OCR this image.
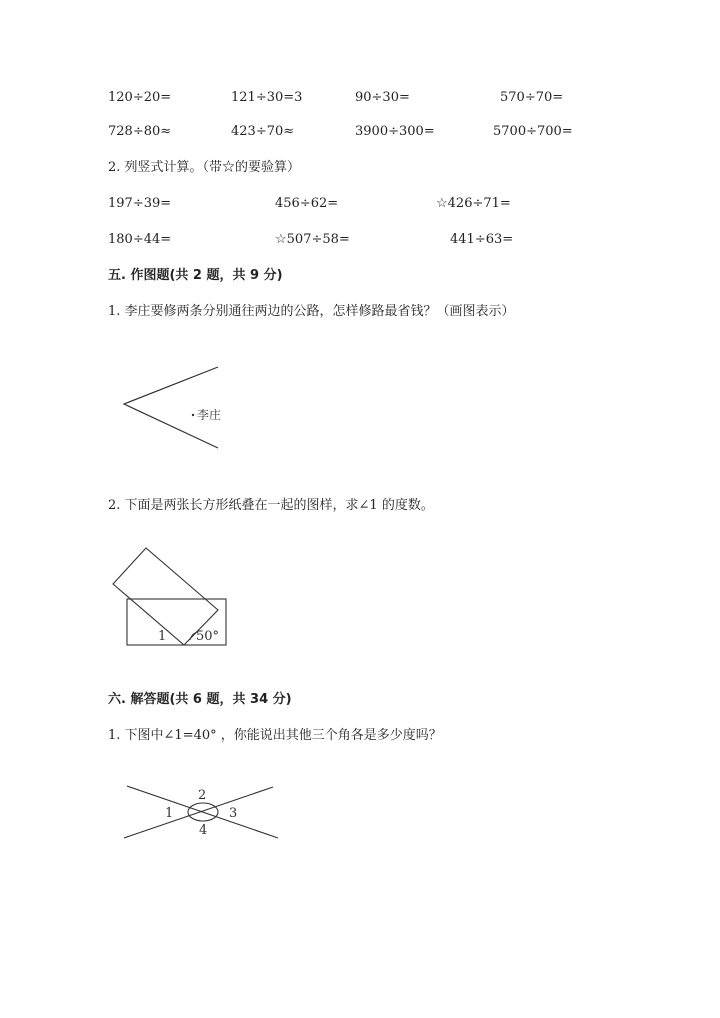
120÷20=	121÷30=3	90÷30=	570÷70=
728÷80≈	423÷70≈	3900÷300=	5700÷700=
2. 列竖式计算。（带☆的要验算）
197÷39=	456÷62=	☆426÷71=
180÷44=	☆507÷58=	441÷63=
五. 作图题(共 2 题，共 9 分)
1. 李庄要修两条分别通往两边的公路，怎样修路最省钱？（画图表示）
李庄
2. 下面是两张长方形纸叠在一起的图样，求∠1 的度数。
1 50°
六. 解答题(共 6 题，共 34 分)
1. 下图中∠1=40° ，你能说出其他三个角各是多少度吗？
1
2
3
4
